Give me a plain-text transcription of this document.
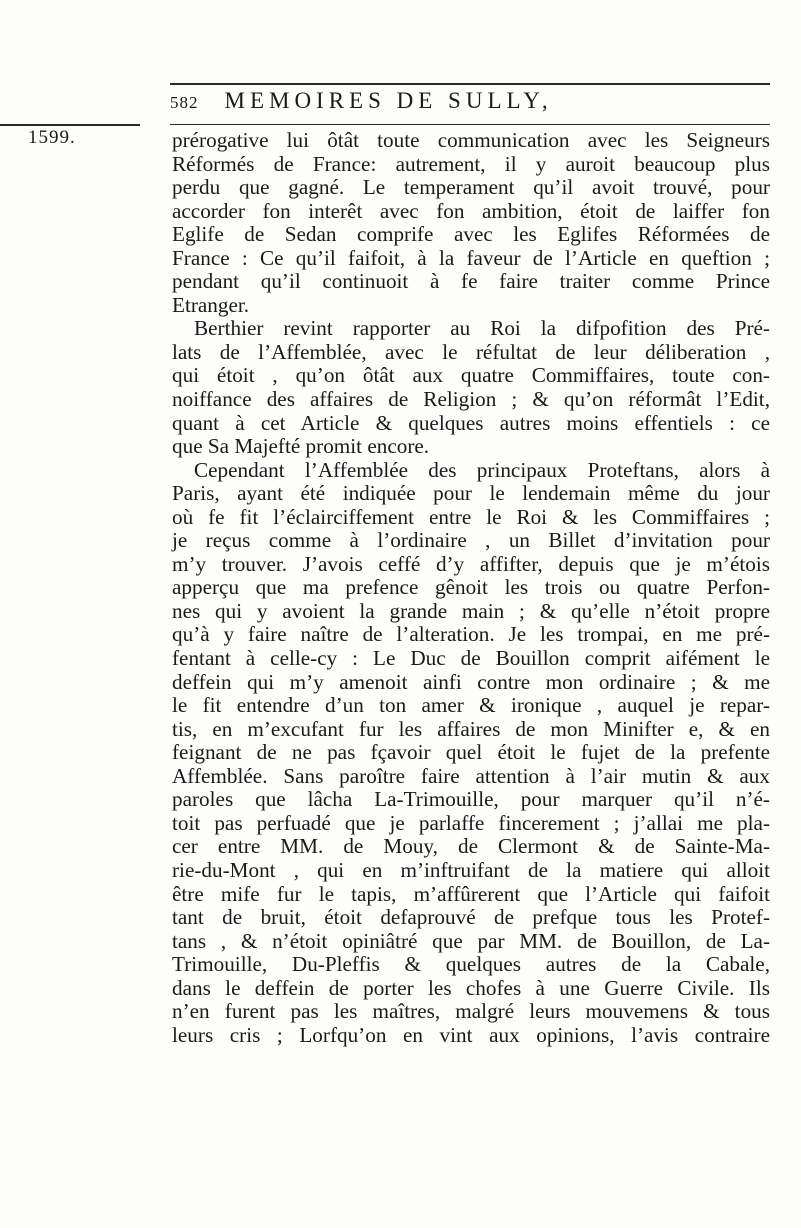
582 MEMOIRES DE SULLY,
1599.	prérogative lui ôtât toute communication avec les Seigneurs
Réformés de France: autrement, il y auroit beaucoup plus
perdu que gagné. Le temperament qu’il avoit trouvé, pour
accorder fon interêt avec fon ambition, étoit de laiffer fon
Eglife de Sedan comprife avec les Eglifes Réformées de
France : Ce qu’il faifoit, à la faveur de l’Article en queftion ;
pendant qu’il continuoit à fe faire traiter comme Prince
Etranger.
Berthier revint rapporter au Roi la difpofition des Pré-
lats de l’Affemblée, avec le réfultat de leur déliberation ,
qui étoit , qu’on ôtât aux quatre Commiffaires, toute con-
noiffance des affaires de Religion ; & qu’on réformât l’Edit,
quant à cet Article & quelques autres moins effentiels : ce
que Sa Majefté promit encore.
Cependant l’Affemblée des principaux Proteftans, alors à
Paris, ayant été indiquée pour le lendemain même du jour
où fe fit l’éclairciffement entre le Roi & les Commiffaires ;
je reçus comme à l’ordinaire , un Billet d’invitation pour
m’y trouver. J’avois ceffé d’y affifter, depuis que je m’étois
apperçu que ma prefence gênoit les trois ou quatre Perfon-
nes qui y avoient la grande main ; & qu’elle n’étoit propre
qu’à y faire naître de l’alteration. Je les trompai, en me pré-
fentant à celle-cy : Le Duc de Bouillon comprit aifément le
deffein qui m’y amenoit ainfi contre mon ordinaire ; & me
le fit entendre d’un ton amer & ironique , auquel je repar-
tis, en m’excufant fur les affaires de mon Minifter e, & en
feignant de ne pas fçavoir quel étoit le fujet de la prefente
Affemblée. Sans paroître faire attention à l’air mutin & aux
paroles que lâcha La-Trimouille, pour marquer qu’il n’é-
toit pas perfuadé que je parlaffe fincerement ; j’allai me pla-
cer entre MM. de Mouy, de Clermont & de Sainte-Ma-
rie-du-Mont , qui en m’inftruifant de la matiere qui alloit
être mife fur le tapis, m’affûrerent que l’Article qui faifoit
tant de bruit, étoit defaprouvé de prefque tous les Protef-
tans , & n’étoit opiniâtré que par MM. de Bouillon, de La-
Trimouille, Du-Pleffis & quelques autres de la Cabale,
dans le deffein de porter les chofes à une Guerre Civile. Ils
n’en furent pas les maîtres, malgré leurs mouvemens & tous
leurs cris ; Lorfqu’on en vint aux opinions, l’avis contraire
